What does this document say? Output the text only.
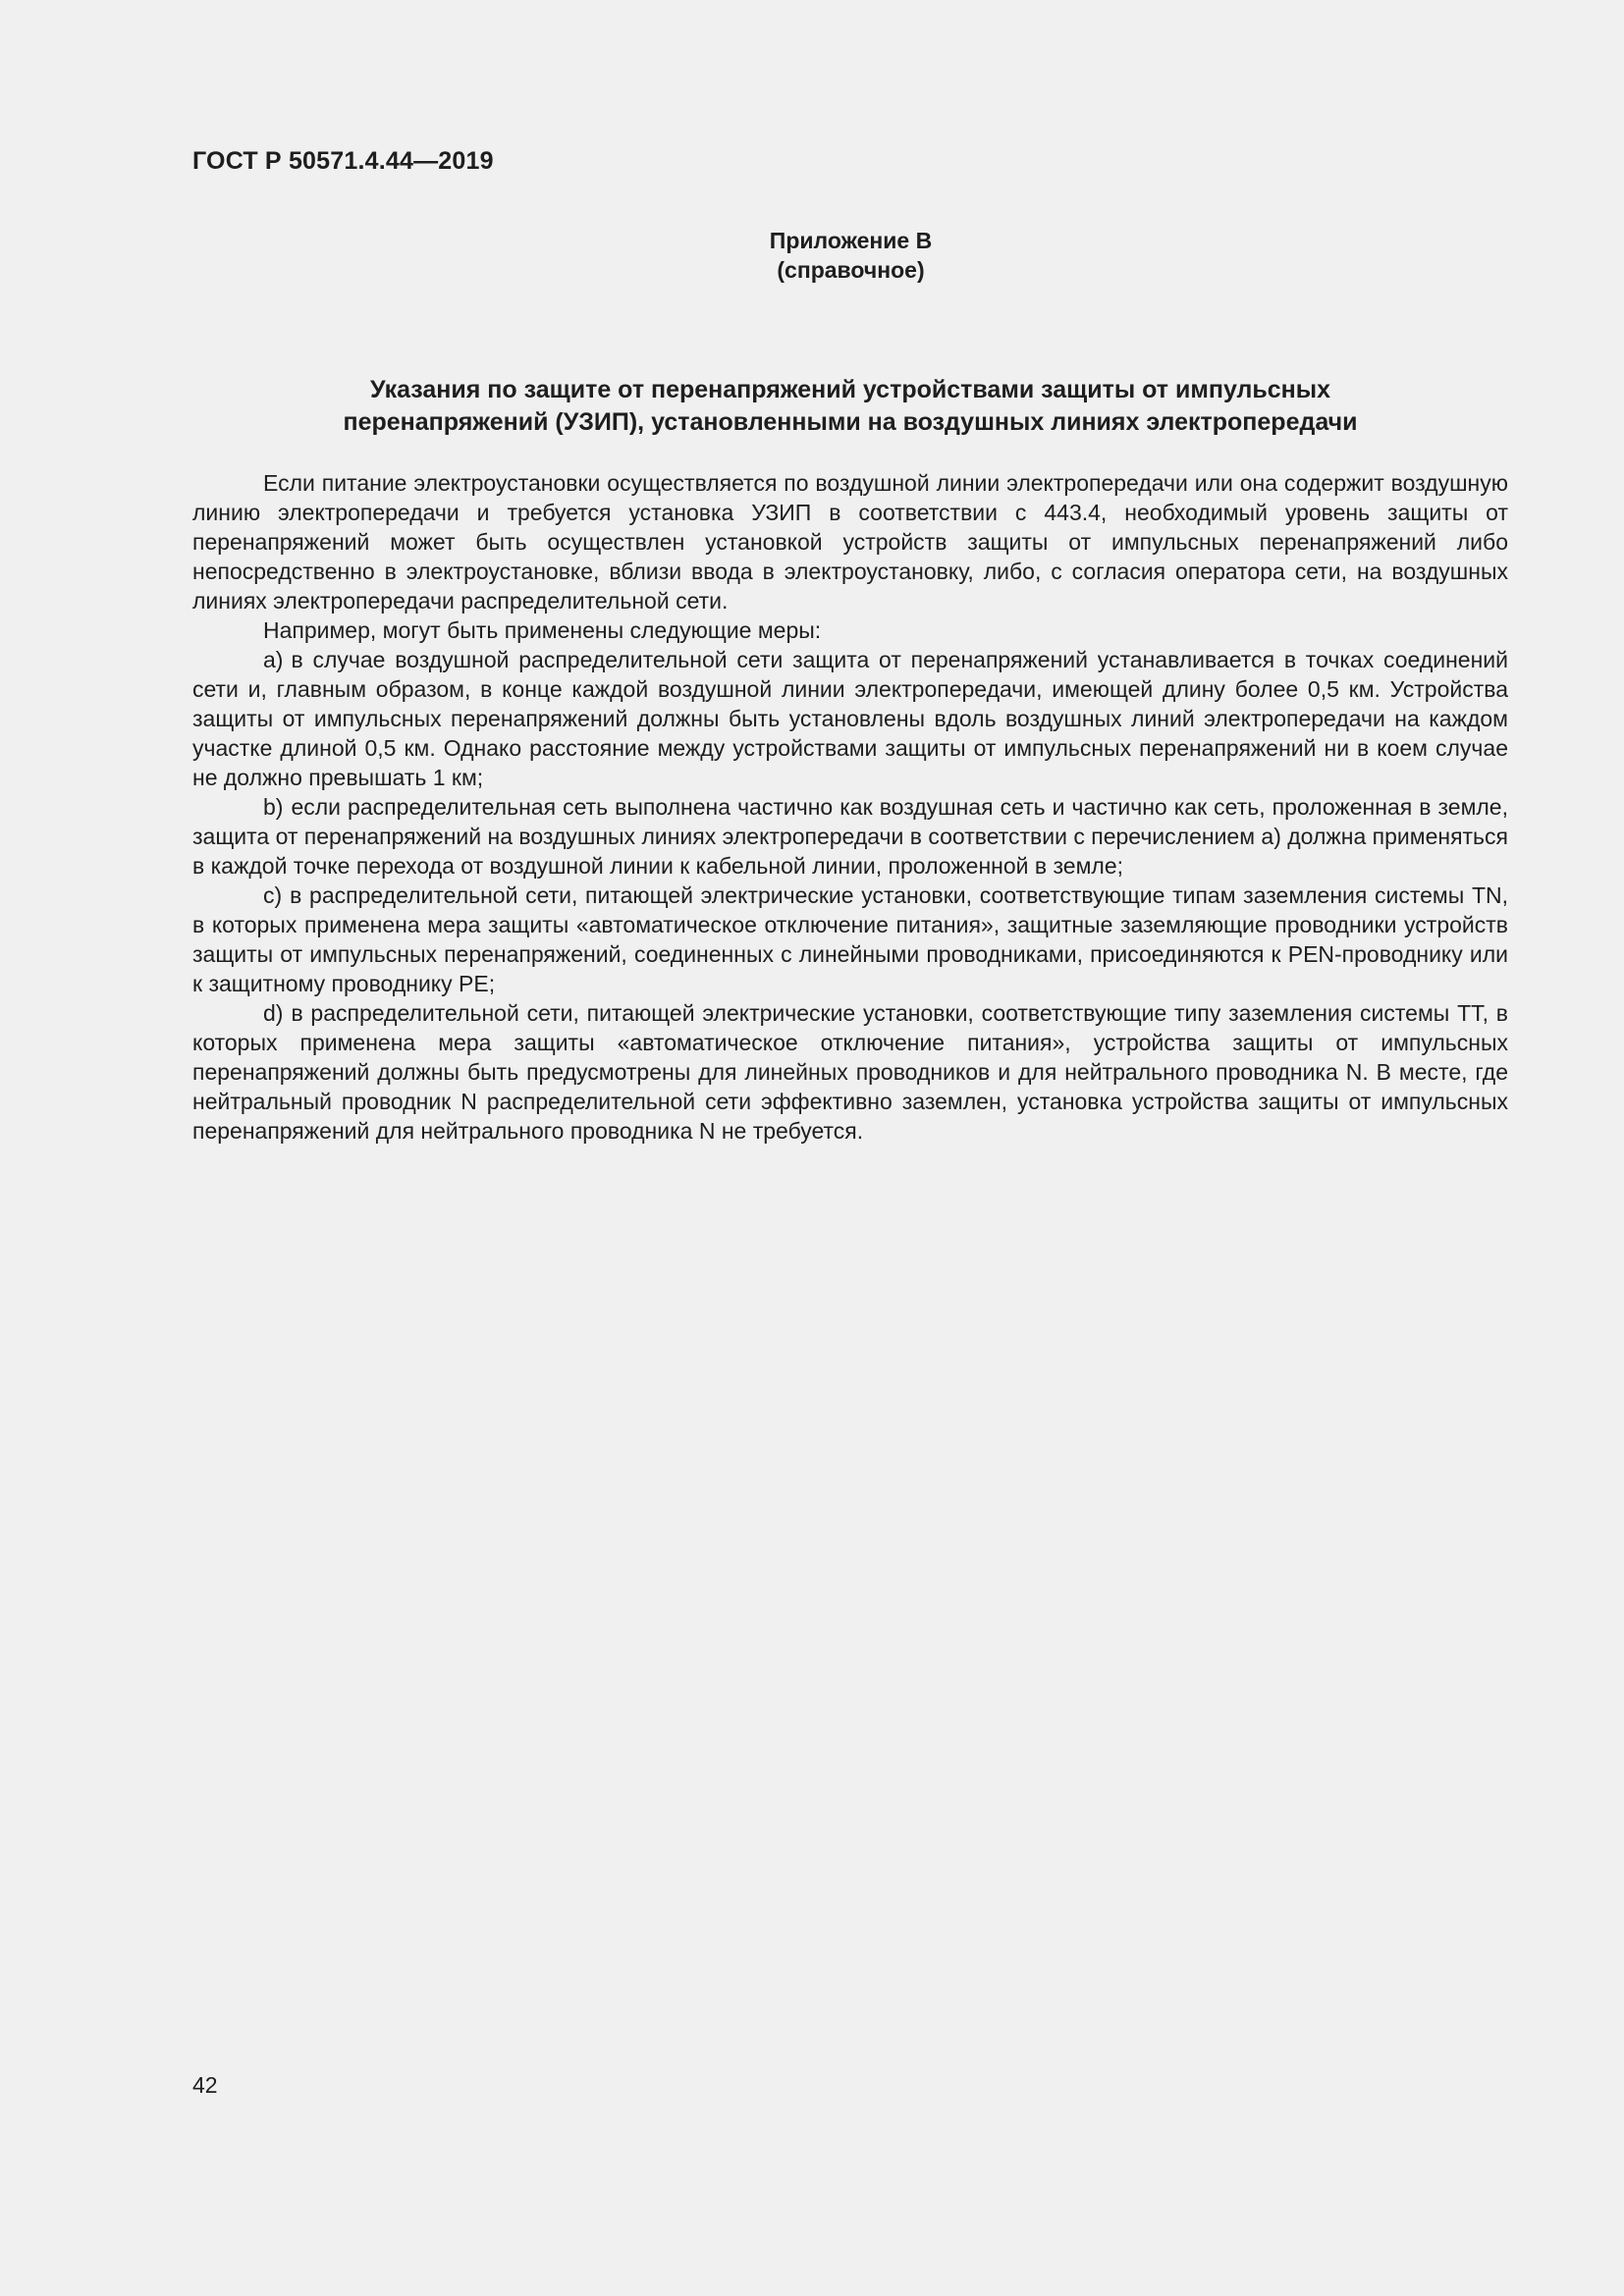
ГОСТ Р 50571.4.44—2019
Приложение В
(справочное)
Указания по защите от перенапряжений устройствами защиты от импульсных
перенапряжений (УЗИП), установленными на воздушных линиях электропередачи

Если питание электроустановки осуществляется по воздушной линии электропередачи или она содержит воздушную линию электропередачи и требуется установка УЗИП в соответствии с 443.4, необходимый уровень защиты от перенапряжений может быть осуществлен установкой устройств защиты от импульсных перенапряжений либо непосредственно в электроустановке, вблизи ввода в электроустановку, либо, с согласия оператора сети, на воздушных линиях электропередачи распределительной сети.

Например, могут быть применены следующие меры:

a) в случае воздушной распределительной сети защита от перенапряжений устанавливается в точках соединений сети и, главным образом, в конце каждой воздушной линии электропередачи, имеющей длину более 0,5 км. Устройства защиты от импульсных перенапряжений должны быть установлены вдоль воздушных линий электропередачи на каждом участке длиной 0,5 км. Однако расстояние между устройствами защиты от импульсных перенапряжений ни в коем случае не должно превышать 1 км;

b) если распределительная сеть выполнена частично как воздушная сеть и частично как сеть, проложенная в земле, защита от перенапряжений на воздушных линиях электропередачи в соответствии с перечислением а) должна применяться в каждой точке перехода от воздушной линии к кабельной линии, проложенной в земле;

c) в распределительной сети, питающей электрические установки, соответствующие типам заземления системы TN, в которых применена мера защиты «автоматическое отключение питания», защитные заземляющие проводники устройств защиты от импульсных перенапряжений, соединенных с линейными проводниками, присоединяются к PEN-проводнику или к защитному проводнику PE;

d) в распределительной сети, питающей электрические установки, соответствующие типу заземления системы TT, в которых применена мера защиты «автоматическое отключение питания», устройства защиты от импульсных перенапряжений должны быть предусмотрены для линейных проводников и для нейтрального проводника N. В месте, где нейтральный проводник N распределительной сети эффективно заземлен, установка устройства защиты от импульсных перенапряжений для нейтрального проводника N не требуется.

42
